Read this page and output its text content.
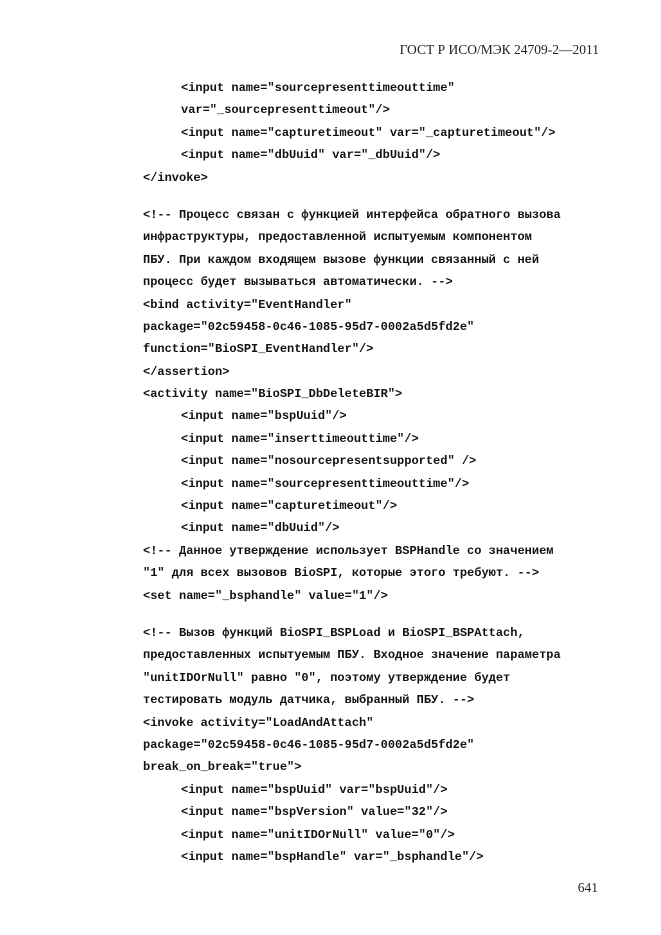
ГОСТ Р ИСО/МЭК 24709-2—2011
<input name="sourcepresenttimeouttime"
var="_sourcepresenttimeout"/>
<input name="capturetimeout" var="_capturetimeout"/>
<input name="dbUuid" var="_dbUuid"/>
</invoke>
<!-- Процесс связан с функцией интерфейса обратного вызова
инфраструктуры, предоставленной испытуемым компонентом
ПБУ. При каждом входящем вызове функции связанный с ней
процесс будет вызываться автоматически. -->
<bind activity="EventHandler"
package="02c59458-0c46-1085-95d7-0002a5d5fd2e"
function="BioSPI_EventHandler"/>
</assertion>
<activity name="BioSPI_DbDeleteBIR">
<input name="bspUuid"/>
<input name="inserttimeouttime"/>
<input name="nosourcepresentsupported" />
<input name="sourcepresenttimeouttime"/>
<input name="capturetimeout"/>
<input name="dbUuid"/>
<!-- Данное утверждение использует BSPHandle со значением
"1" для всех вызовов BioSPI, которые этого требуют. -->
<set name="_bsphandle" value="1"/>
<!-- Вызов функций BioSPI_BSPLoad и BioSPI_BSPAttach,
предоставленных испытуемым ПБУ. Входное значение параметра
"unitIDOrNull" равно "0", поэтому утверждение будет
тестировать модуль датчика, выбранный ПБУ. -->
<invoke activity="LoadAndAttach"
package="02c59458-0c46-1085-95d7-0002a5d5fd2e"
break_on_break="true">
<input name="bspUuid" var="bspUuid"/>
<input name="bspVersion" value="32"/>
<input name="unitIDOrNull" value="0"/>
<input name="bspHandle" var="_bsphandle"/>
641
